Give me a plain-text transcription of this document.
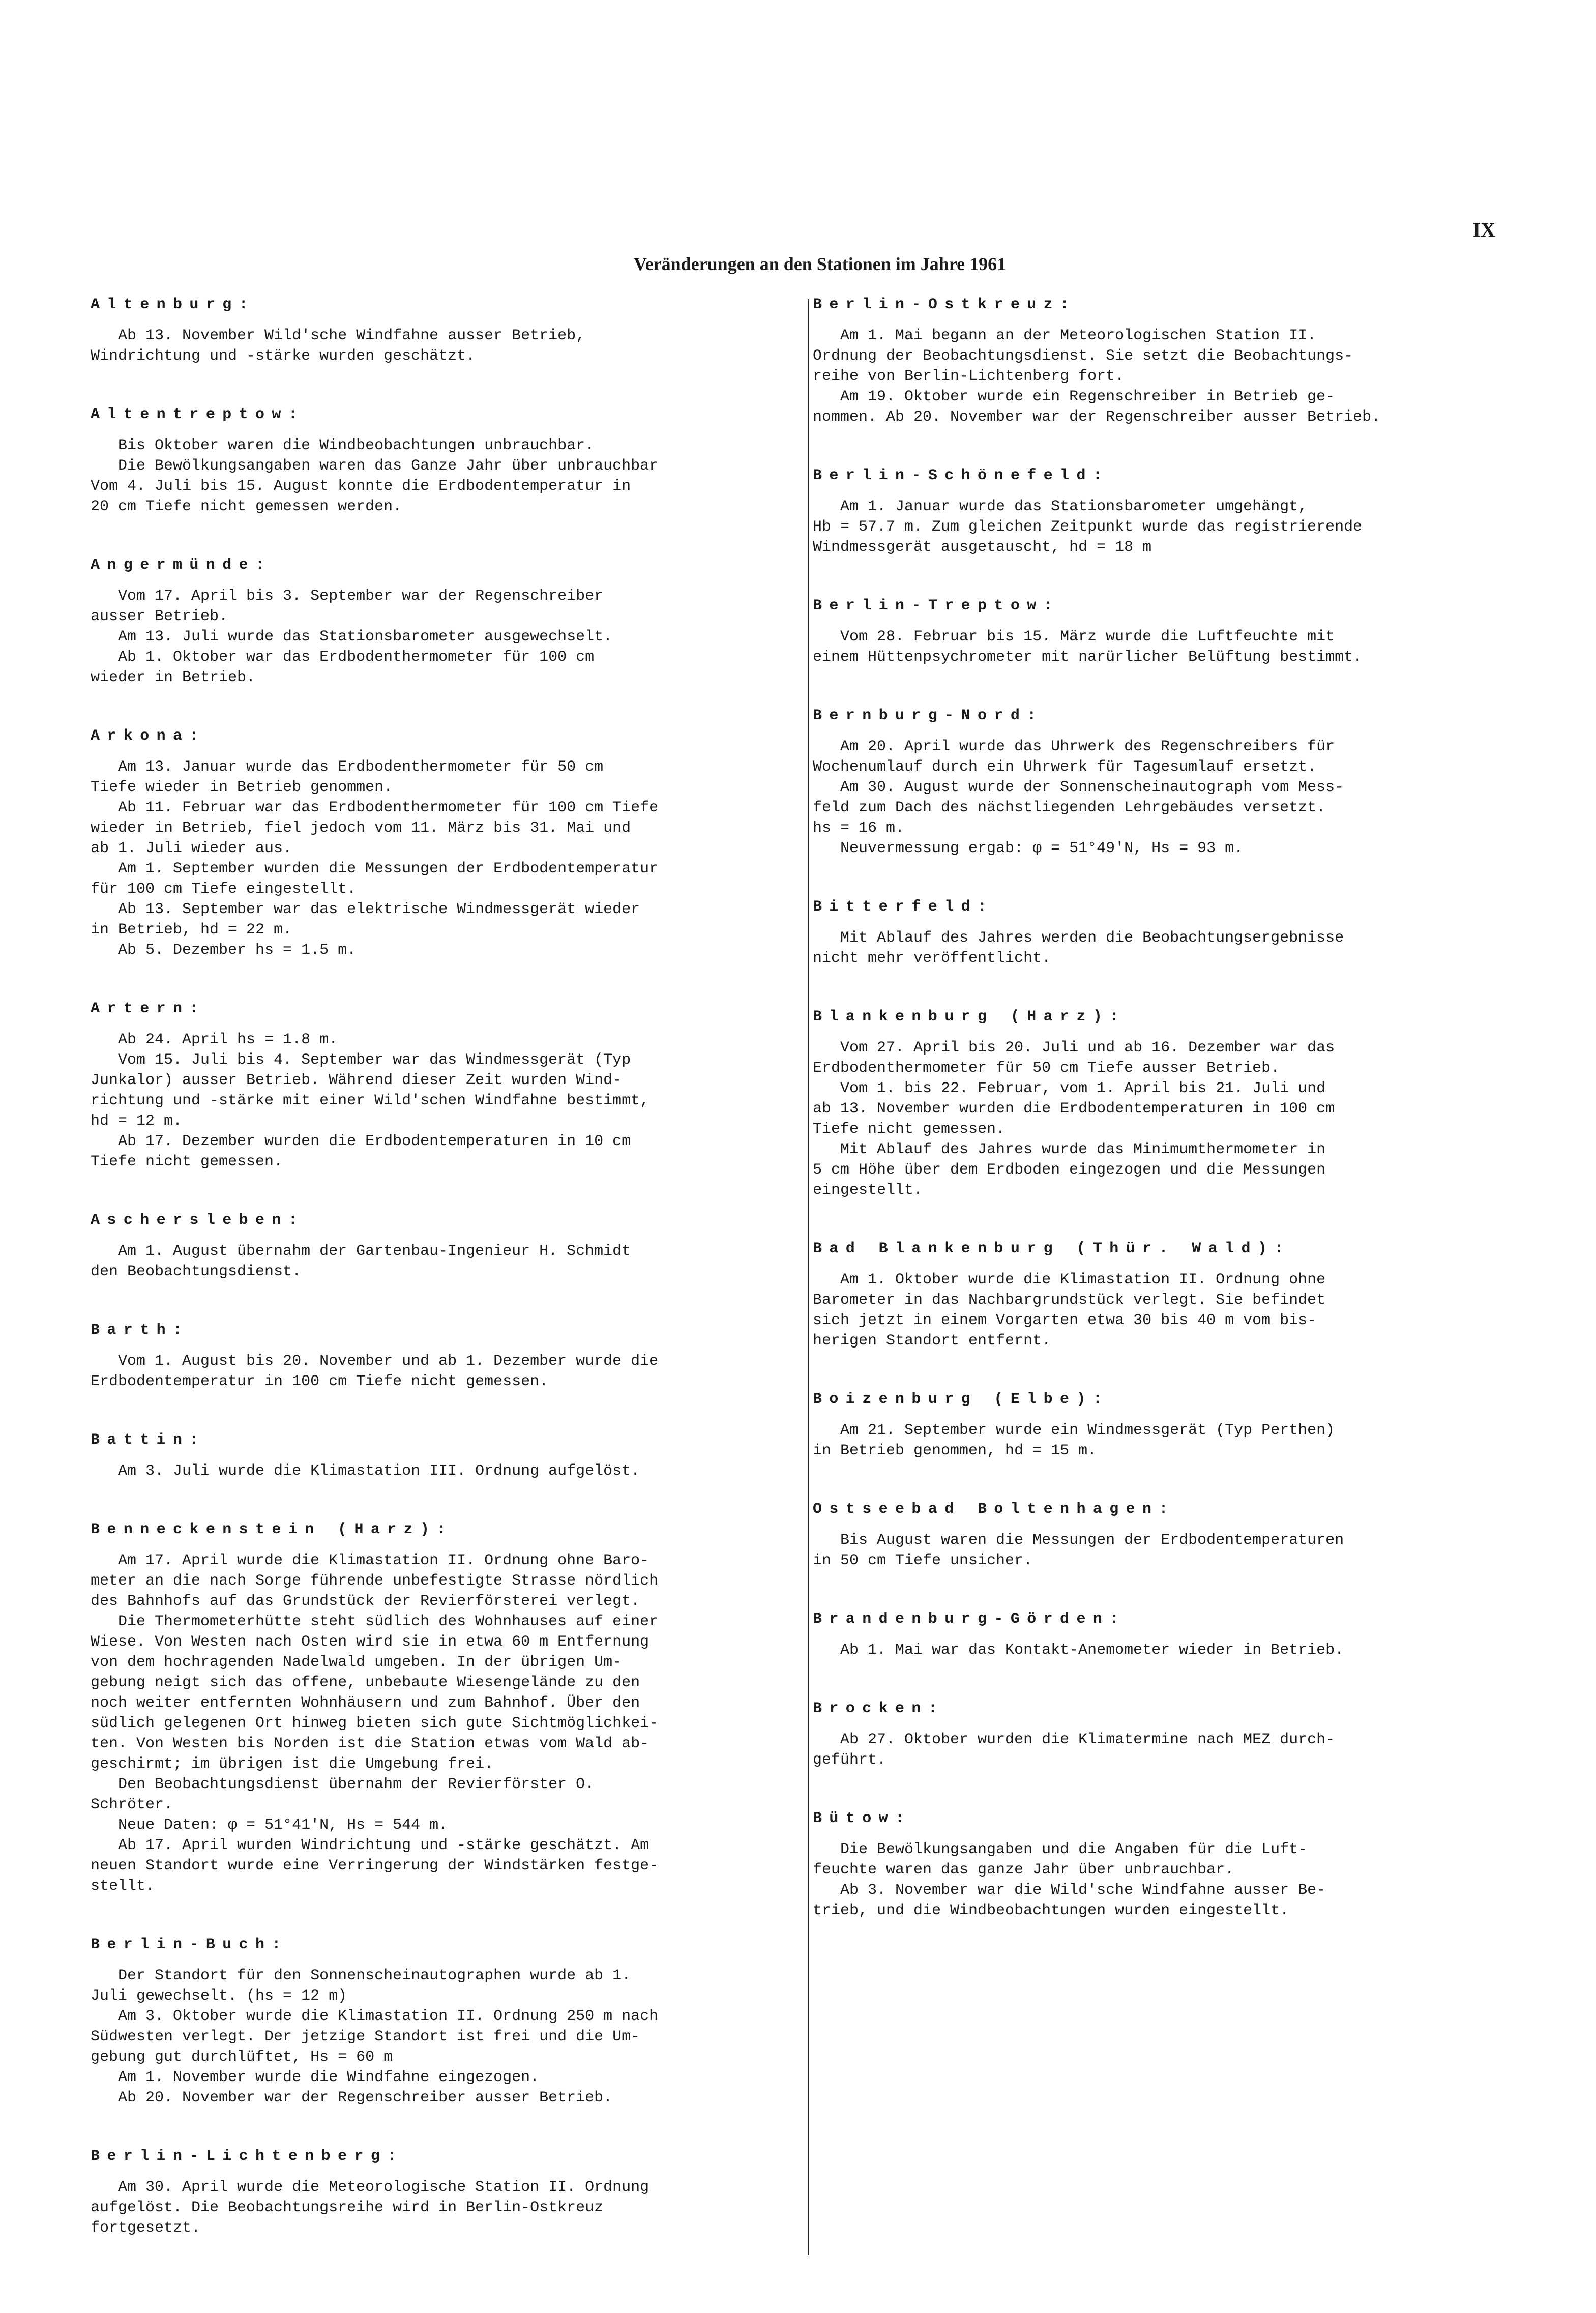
IX
Veränderungen an den Stationen im Jahre 1961
Altenburg:
Ab 13. November Wild'sche Windfahne ausser Betrieb,
Windrichtung und -stärke wurden geschätzt.
Altentreptow:
Bis Oktober waren die Windbeobachtungen unbrauchbar.
Die Bewölkungsangaben waren das Ganze Jahr über unbrauchbar
Vom 4. Juli bis 15. August konnte die Erdbodentemperatur in
20 cm Tiefe nicht gemessen werden.
Angermünde:
Vom 17. April bis 3. September war der Regenschreiber
ausser Betrieb.
Am 13. Juli wurde das Stationsbarometer ausgewechselt.
Ab 1. Oktober war das Erdbodenthermometer für 100 cm
wieder in Betrieb.
Arkona:
Am 13. Januar wurde das Erdbodenthermometer für 50 cm
Tiefe wieder in Betrieb genommen.
Ab 11. Februar war das Erdbodenthermometer für 100 cm Tiefe
wieder in Betrieb, fiel jedoch vom 11. März bis 31. Mai und
ab 1. Juli wieder aus.
Am 1. September wurden die Messungen der Erdbodentemperatur
für 100 cm Tiefe eingestellt.
Ab 13. September war das elektrische Windmessgerät wieder
in Betrieb, hd = 22 m.
Ab 5. Dezember hs = 1.5 m.
Artern:
Ab 24. April hs = 1.8 m.
Vom 15. Juli bis 4. September war das Windmessgerät (Typ
Junkalor) ausser Betrieb. Während dieser Zeit wurden Wind-
richtung und -stärke mit einer Wild'schen Windfahne bestimmt,
hd = 12 m.
Ab 17. Dezember wurden die Erdbodentemperaturen in 10 cm
Tiefe nicht gemessen.
Aschersleben:
Am 1. August übernahm der Gartenbau-Ingenieur H. Schmidt
den Beobachtungsdienst.
Barth:
Vom 1. August bis 20. November und ab 1. Dezember wurde die
Erdbodentemperatur in 100 cm Tiefe nicht gemessen.
Battin:
Am 3. Juli wurde die Klimastation III. Ordnung aufgelöst.
Benneckenstein (Harz):
Am 17. April wurde die Klimastation II. Ordnung ohne Baro-
meter an die nach Sorge führende unbefestigte Strasse nördlich
des Bahnhofs auf das Grundstück der Revierförsterei verlegt.
Die Thermometerhütte steht südlich des Wohnhauses auf einer
Wiese. Von Westen nach Osten wird sie in etwa 60 m Entfernung
von dem hochragenden Nadelwald umgeben. In der übrigen Um-
gebung neigt sich das offene, unbebaute Wiesengelände zu den
noch weiter entfernten Wohnhäusern und zum Bahnhof. Über den
südlich gelegenen Ort hinweg bieten sich gute Sichtmöglichkei-
ten. Von Westen bis Norden ist die Station etwas vom Wald ab-
geschirmt; im übrigen ist die Umgebung frei.
Den Beobachtungsdienst übernahm der Revierförster O.
Schröter.
Neue Daten: φ = 51°41'N, Hs = 544 m.
Ab 17. April wurden Windrichtung und -stärke geschätzt. Am
neuen Standort wurde eine Verringerung der Windstärken festge-
stellt.
Berlin-Buch:
Der Standort für den Sonnenscheinautographen wurde ab 1.
Juli gewechselt. (hs = 12 m)
Am 3. Oktober wurde die Klimastation II. Ordnung 250 m nach
Südwesten verlegt. Der jetzige Standort ist frei und die Um-
gebung gut durchlüftet, Hs = 60 m
Am 1. November wurde die Windfahne eingezogen.
Ab 20. November war der Regenschreiber ausser Betrieb.
Berlin-Lichtenberg:
Am 30. April wurde die Meteorologische Station II. Ordnung
aufgelöst. Die Beobachtungsreihe wird in Berlin-Ostkreuz
fortgesetzt.
Berlin-Ostkreuz:
Am 1. Mai begann an der Meteorologischen Station II.
Ordnung der Beobachtungsdienst. Sie setzt die Beobachtungs-
reihe von Berlin-Lichtenberg fort.
Am 19. Oktober wurde ein Regenschreiber in Betrieb ge-
nommen. Ab 20. November war der Regenschreiber ausser Betrieb.
Berlin-Schönefeld:
Am 1. Januar wurde das Stationsbarometer umgehängt,
Hb = 57.7 m. Zum gleichen Zeitpunkt wurde das registrierende
Windmessgerät ausgetauscht, hd = 18 m
Berlin-Treptow:
Vom 28. Februar bis 15. März wurde die Luftfeuchte mit
einem Hüttenpsychrometer mit narürlicher Belüftung bestimmt.
Bernburg-Nord:
Am 20. April wurde das Uhrwerk des Regenschreibers für
Wochenumlauf durch ein Uhrwerk für Tagesumlauf ersetzt.
Am 30. August wurde der Sonnenscheinautograph vom Mess-
feld zum Dach des nächstliegenden Lehrgebäudes versetzt.
hs = 16 m.
Neuvermessung ergab: φ = 51°49'N, Hs = 93 m.
Bitterfeld:
Mit Ablauf des Jahres werden die Beobachtungsergebnisse
nicht mehr veröffentlicht.
Blankenburg (Harz):
Vom 27. April bis 20. Juli und ab 16. Dezember war das
Erdbodenthermometer für 50 cm Tiefe ausser Betrieb.
Vom 1. bis 22. Februar, vom 1. April bis 21. Juli und
ab 13. November wurden die Erdbodentemperaturen in 100 cm
Tiefe nicht gemessen.
Mit Ablauf des Jahres wurde das Minimumthermometer in
5 cm Höhe über dem Erdboden eingezogen und die Messungen
eingestellt.
Bad Blankenburg (Thür. Wald):
Am 1. Oktober wurde die Klimastation II. Ordnung ohne
Barometer in das Nachbargrundstück verlegt. Sie befindet
sich jetzt in einem Vorgarten etwa 30 bis 40 m vom bis-
herigen Standort entfernt.
Boizenburg (Elbe):
Am 21. September wurde ein Windmessgerät (Typ Perthen)
in Betrieb genommen, hd = 15 m.
Ostseebad Boltenhagen:
Bis August waren die Messungen der Erdbodentemperaturen
in 50 cm Tiefe unsicher.
Brandenburg-Görden:
Ab 1. Mai war das Kontakt-Anemometer wieder in Betrieb.
Brocken:
Ab 27. Oktober wurden die Klimatermine nach MEZ durch-
geführt.
Bütow:
Die Bewölkungsangaben und die Angaben für die Luft-
feuchte waren das ganze Jahr über unbrauchbar.
Ab 3. November war die Wild'sche Windfahne ausser Be-
trieb, und die Windbeobachtungen wurden eingestellt.
